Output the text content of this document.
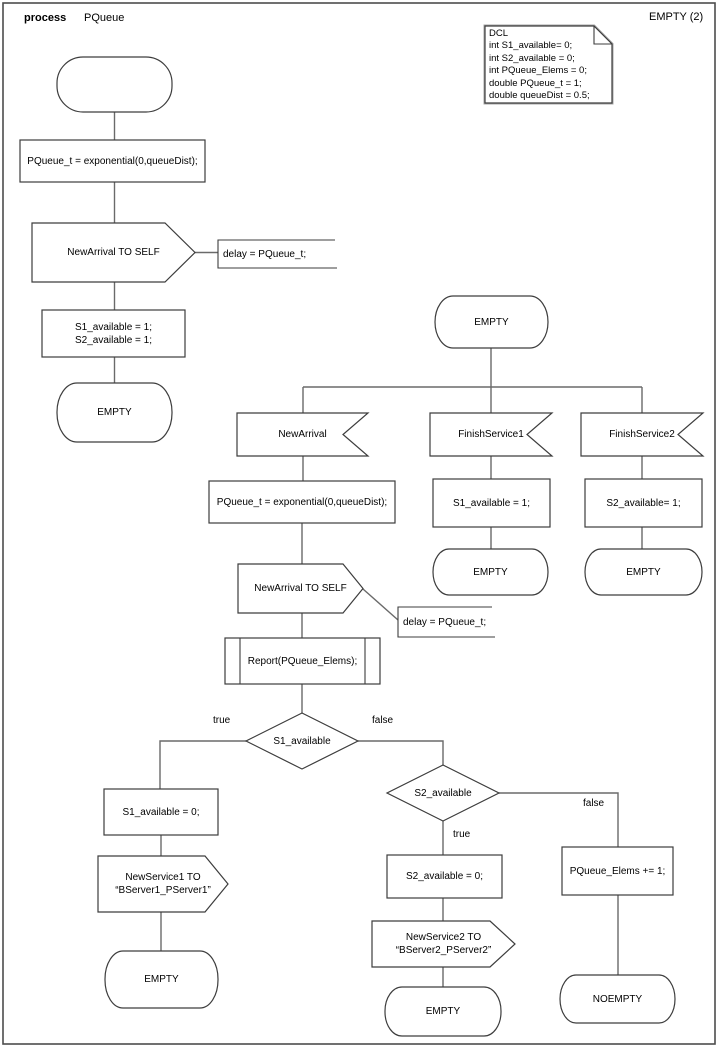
process PQueue	EMPTY (2)
DCL
int S1_available= 0;
int S2_available = 0;
int PQueue_Elems = 0;
double PQueue_t = 1;
double queueDist = 0.5;
PQueue_t = exponential(0,queueDist);
NewArrival TO SELF	delay = PQueue_t;
S1_available = 1;
S2_available = 1;
EMPTY
EMPTY
NewArrival	FinishService1	FinishService2
PQueue_t = exponential(0,queueDist);	S1_available = 1;	S2_available= 1;
EMPTY	EMPTY
NewArrival TO SELF
delay = PQueue_t;
Report(PQueue_Elems);
S1_available
true	false
S1_available = 0;
NewService1 TO
“BServer1_PServer1”
EMPTY
S2_available
true
false
S2_available = 0;
NewService2 TO
“BServer2_PServer2”
EMPTY
PQueue_Elems += 1;
NOEMPTY
